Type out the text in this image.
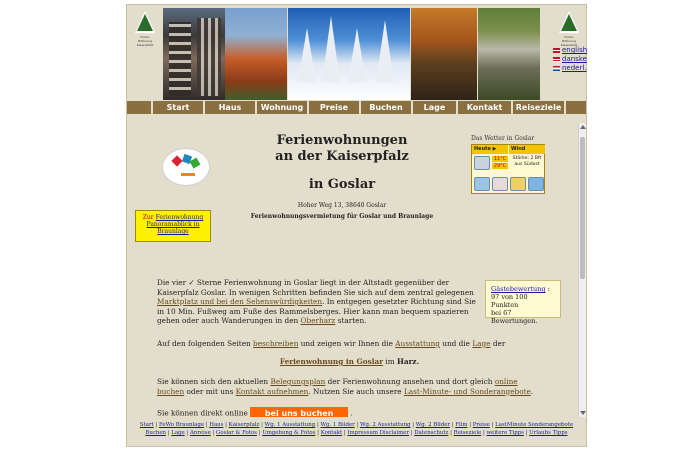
Ferien
Wohnung
Kaiserpfalz
Ferien
Wohnung
Kaiserpfalz
english
danske
nederl.
Start	Haus	Wohnung	Preise	Buchen	Lage	Kontakt	Reiseziele
Ferienwohnungen
an der Kaiserpfalz
in Goslar
Hoher Weg 13, 38640 Goslar
Ferienwohnungsvermietung für Goslar und Braunlage
Zur Ferienwohnung Panoramablick in Braunlage
Das Wetter in Goslar
Heute ▶	Wind
11°C
29°C
Stärke: 2 Bft aus Südost
Gästebewertung :
97 von 100 Punkten
bei 67 Bewertungen.
Die vier ✓ Sterne Ferienwohnung in Goslar liegt in der Altstadt gegenüber der Kaiserpfalz Goslar. In wenigen Schritten befinden Sie sich auf dem zentral gelegenen Marktplatz und bei den Sehenswürdigkeiten. In entgegen gesetzter Richtung sind Sie in 10 Min. Fußweg am Fuße des Rammelsberges. Hier kann man bequem spazieren gehen oder auch Wanderungen in den Oberharz starten.
Auf den folgenden Seiten beschreiben und zeigen wir Ihnen die Ausstattung und die Lage der
Ferienwohnung in Goslar im Harz.
Sie können sich den aktuellen Belegungsplan der Ferienwohnung ansehen und dort gleich online buchen oder mit uns Kontakt aufnehmen. Nutzen Sie auch unsere Last-Minute- und Sonderangebote.
Sie können direkt online bei uns buchen .
Start | FeWo Braunlage | Haus | Kaiserpfalz | Wg. 1 Ausstattung | Wg. 1 Bilder | Wg. 2 Ausstattung | Wg. 2 Bilder | Film | Preise | LastMinute Sonderangebote
Buchen | Lage | Anreise | Goslar & Fotos | Umgebung & Fotos | Kontakt | Impressum Disclaimer | Datenschutz | Reiseziele | weitere Tipps | Urlaubs Tipps
